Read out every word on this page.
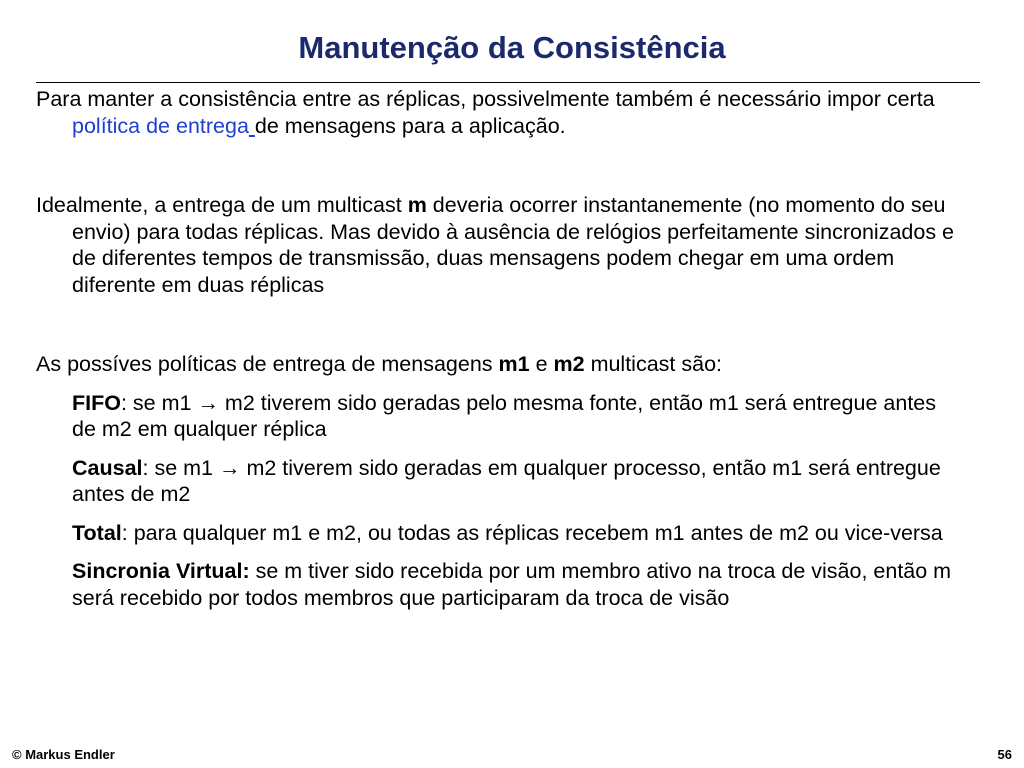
Manutenção da Consistência

Para manter a consistência entre as réplicas, possivelmente também é necessário impor certa política de entrega de mensagens para a aplicação.

Idealmente, a entrega de um multicast m deveria ocorrer instantanemente (no momento do seu envio) para todas réplicas. Mas devido à ausência de relógios perfeitamente sincronizados e de diferentes tempos de transmissão, duas mensagens podem chegar em uma ordem diferente em duas réplicas

As possíves políticas de entrega de mensagens m1 e m2 multicast são:

FIFO: se m1 → m2 tiverem sido geradas pelo mesma fonte, então m1 será entregue antes de m2 em qualquer réplica

Causal: se m1 → m2 tiverem sido geradas em qualquer processo, então m1 será entregue antes de m2

Total: para qualquer m1 e m2, ou todas as réplicas recebem m1 antes de m2 ou vice-versa

Sincronia Virtual: se m tiver sido recebida por um membro ativo na troca de visão, então m será recebido por todos membros que participaram da troca de visão

© Markus Endler	56
